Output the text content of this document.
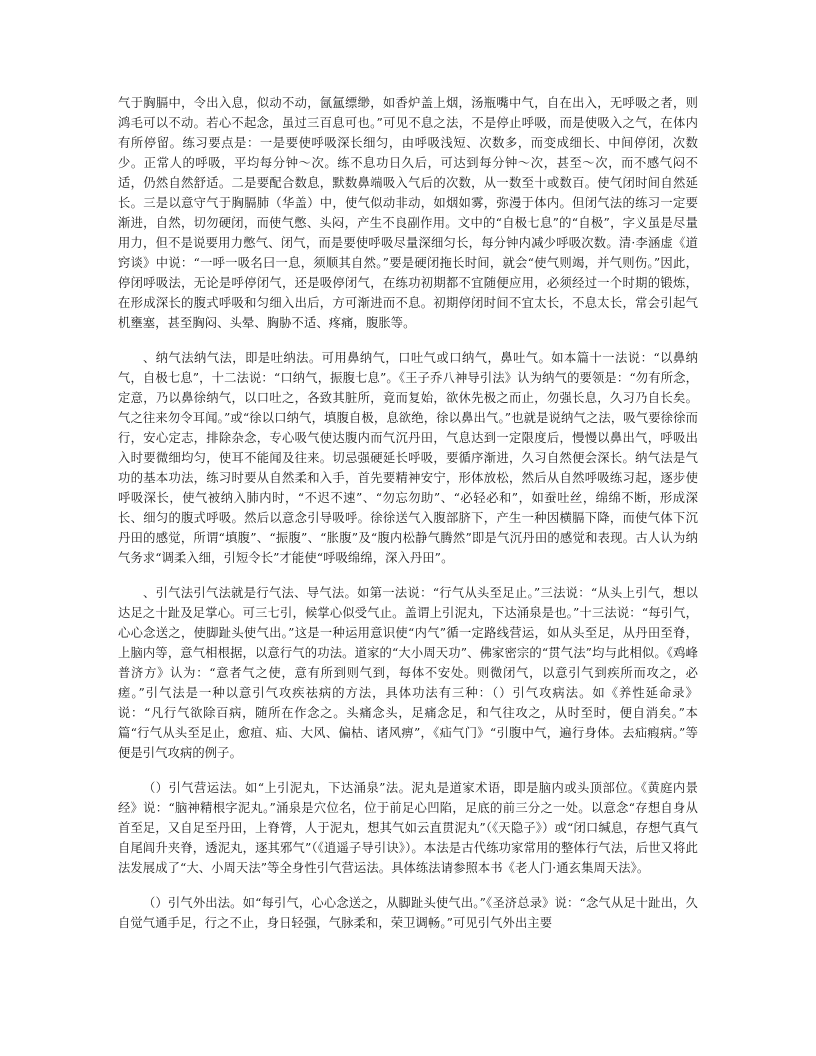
气于胸膈中，令出入息，似动不动，氤氲缥缈，如香炉盖上烟，汤瓶嘴中气，自在出入，无呼吸之者，则鸿毛可以不动。若心不起念，虽过三百息可也。”可见不息之法，不是停止呼吸，而是使吸入之气，在体内有所停留。练习要点是：一是要使呼吸深长细匀，由呼吸浅短、次数多，而变成细长、中间停闭，次数少。正常人的呼吸，平均每分钟～次。练不息功日久后，可达到每分钟～次，甚至～次，而不感气闷不适，仍然自然舒适。二是要配合数息，默数鼻端吸入气后的次数，从一数至十或数百。使气闭时间自然延长。三是以意守气于胸膈肺（华盖）中，使气似动非动，如烟如雾，弥漫于体内。但闭气法的练习一定要渐进，自然，切勿硬闭，而使气憋、头闷，产生不良副作用。文中的“自极七息”的“自极”，字义虽是尽量用力，但不是说要用力憋气、闭气，而是要使呼吸尽量深细匀长，每分钟内减少呼吸次数。清·李涵虚《道窍谈》中说：“一呼一吸名曰一息，须顺其自然。”要是硬闭拖长时间，就会“使气则竭，并气则伤。”因此，停闭呼吸法，无论是呼停闭气，还是吸停闭气，在练功初期都不宜随便应用，必须经过一个时期的锻炼，在形成深长的腹式呼吸和匀细入出后，方可渐进而不息。初期停闭时间不宜太长，不息太长，常会引起气机壅塞，甚至胸闷、头晕、胸胁不适、疼痛，腹胀等。

、纳气法纳气法，即是吐纳法。可用鼻纳气，口吐气或口纳气，鼻吐气。如本篇十一法说：“以鼻纳气，自极七息”，十二法说：“口纳气，振腹七息”。《王子乔八神导引法》认为纳气的要领是：“勿有所念，定意，乃以鼻徐纳气，以口吐之，各致其脏所，竟而复始，欲休先极之而止，勿强长息，久习乃自长矣。气之往来勿令耳闻。”或“徐以口纳气，填腹自极，息欲绝，徐以鼻出气。”也就是说纳气之法，吸气要徐徐而行，安心定志，排除杂念，专心吸气使达腹内而气沉丹田，气息达到一定限度后，慢慢以鼻出气，呼吸出入时要微细均匀，使耳不能闻及往来。切忌强硬延长呼吸，要循序渐进，久习自然便会深长。纳气法是气功的基本功法，练习时要从自然柔和入手，首先要精神安宁，形体放松，然后从自然呼吸练习起，逐步使呼吸深长，使气被纳入肺内时，“不迟不速”、“勿忘勿助”、“必轻必和”，如蚕吐丝，绵绵不断，形成深长、细匀的腹式呼吸。然后以意念引导吸呼。徐徐送气入腹部脐下，产生一种因横膈下降，而使气体下沉丹田的感觉，所谓“填腹”、“振腹”、“胀腹”及“腹内松静气腾然”即是气沉丹田的感觉和表现。古人认为纳气务求“调柔入细，引短令长”才能使“呼吸绵绵，深入丹田”。

、引气法引气法就是行气法、导气法。如第一法说：“行气从头至足止。”三法说：“从头上引气，想以达足之十趾及足掌心。可三七引，候掌心似受气止。盖谓上引泥丸，下达涌泉是也。”十三法说：“每引气，心心念送之，使脚趾头使气出。”这是一种运用意识使“内气”循一定路线营运，如从头至足，从丹田至脊，上脑内等，意气相根据，以意行气的功法。道家的“大小周天功”、佛家密宗的“贯气法”均与此相似。《鸡峰普济方》认为：“意者气之使，意有所到则气到，每体不安处。则微闭气，以意引气到疾所而攻之，必瘥。”引气法是一种以意引气攻疾祛病的方法，具体功法有三种：（）引气攻病法。如《养性延命录》说：“凡行气欲除百病，随所在作念之。头痛念头，足痛念足，和气往攻之，从时至时，便自消矣。”本篇“行气从头至足止，愈疽、疝、大风、偏枯、诸风痹”，《疝气门》“引腹中气，遍行身体。去疝瘕病。”等便是引气攻病的例子。

（）引气营运法。如“上引泥丸，下达涌泉”法。泥丸是道家术语，即是脑内或头顶部位。《黄庭内景经》说：“脑神精根字泥丸。”涌泉是穴位名，位于前足心凹陷，足底的前三分之一处。以意念“存想自身从首至足，又自足至丹田，上脊膂，人于泥丸，想其气如云直贯泥丸”（《天隐子》）或“闭口缄息，存想气真气自尾闾升夹脊，透泥丸，逐其邪气”（《逍遥子导引诀》）。本法是古代练功家常用的整体行气法，后世又将此法发展成了“大、小周天法”等全身性引气营运法。具体练法请参照本书《老人门·通玄集周天法》。

（）引气外出法。如“每引气，心心念送之，从脚趾头使气出。”《圣济总录》说：“念气从足十趾出，久自觉气通手足，行之不止，身日轻强，气脉柔和，荣卫调畅。”可见引气外出主要
